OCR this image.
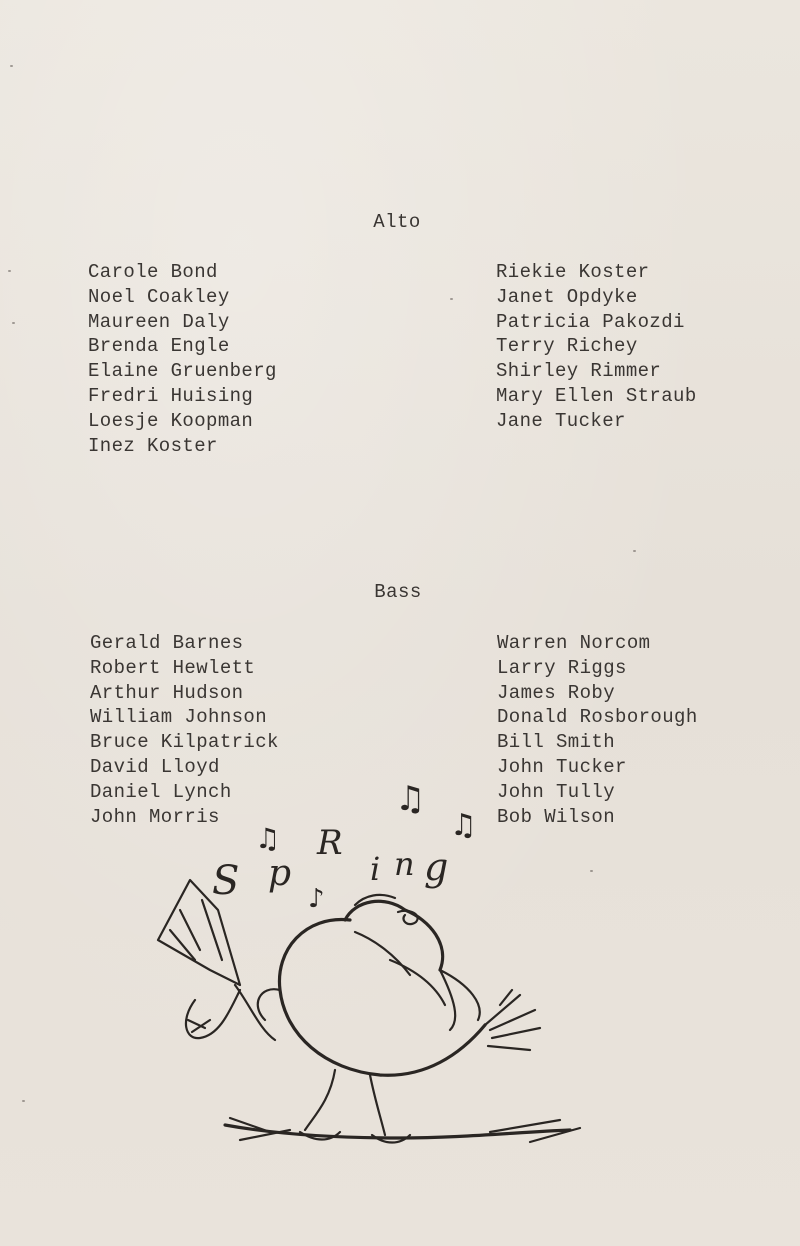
Alto
Carole Bond
Noel Coakley
Maureen Daly
Brenda Engle
Elaine Gruenberg
Fredri Huising
Loesje Koopman
Inez Koster
Riekie Koster
Janet Opdyke
Patricia Pakozdi
Terry Richey
Shirley Rimmer
Mary Ellen Straub
Jane Tucker
Bass
Gerald Barnes
Robert Hewlett
Arthur Hudson
William Johnson
Bruce Kilpatrick
David Lloyd
Daniel Lynch
John Morris
Warren Norcom
Larry Riggs
James Roby
Donald Rosborough
Bill Smith
John Tucker
John Tully
Bob Wilson
S p
R
i n g
♫
♫	♫
♪
